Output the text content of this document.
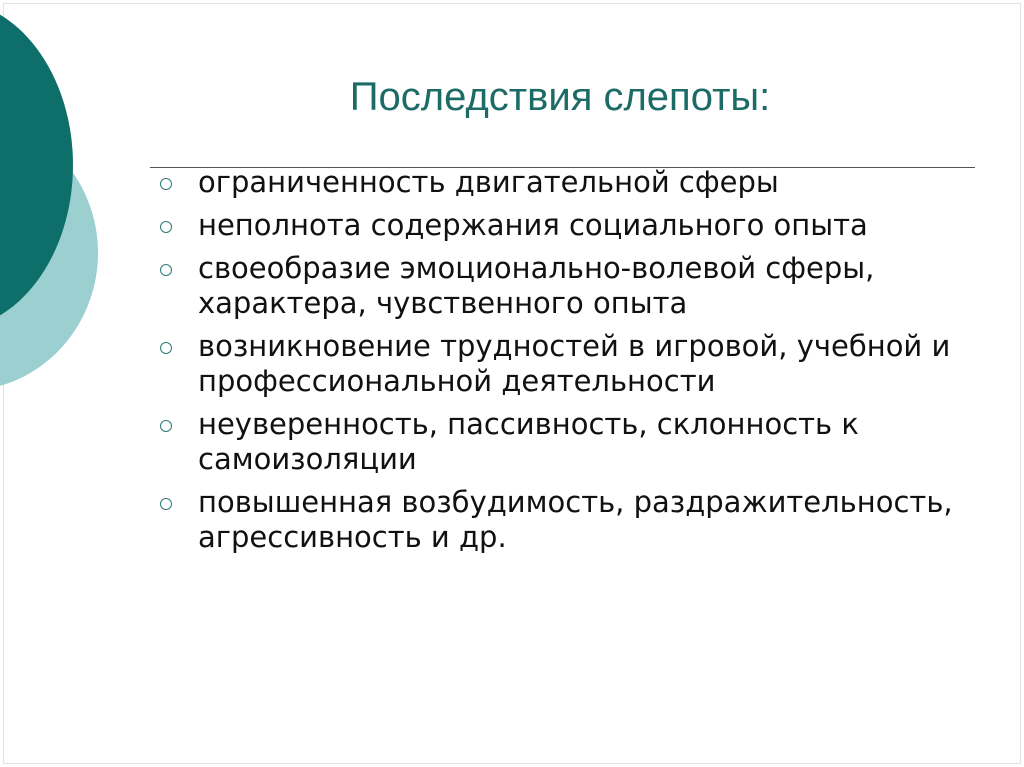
Последствия слепоты:
ограниченность двигательной сферы
неполнота содержания социального опыта
своеобразие эмоционально-волевой сферы, характера, чувственного опыта
возникновение трудностей в игровой, учебной и профессиональной деятельности
неуверенность, пассивность, склонность к самоизоляции
повышенная возбудимость, раздражительность, агрессивность и др.
